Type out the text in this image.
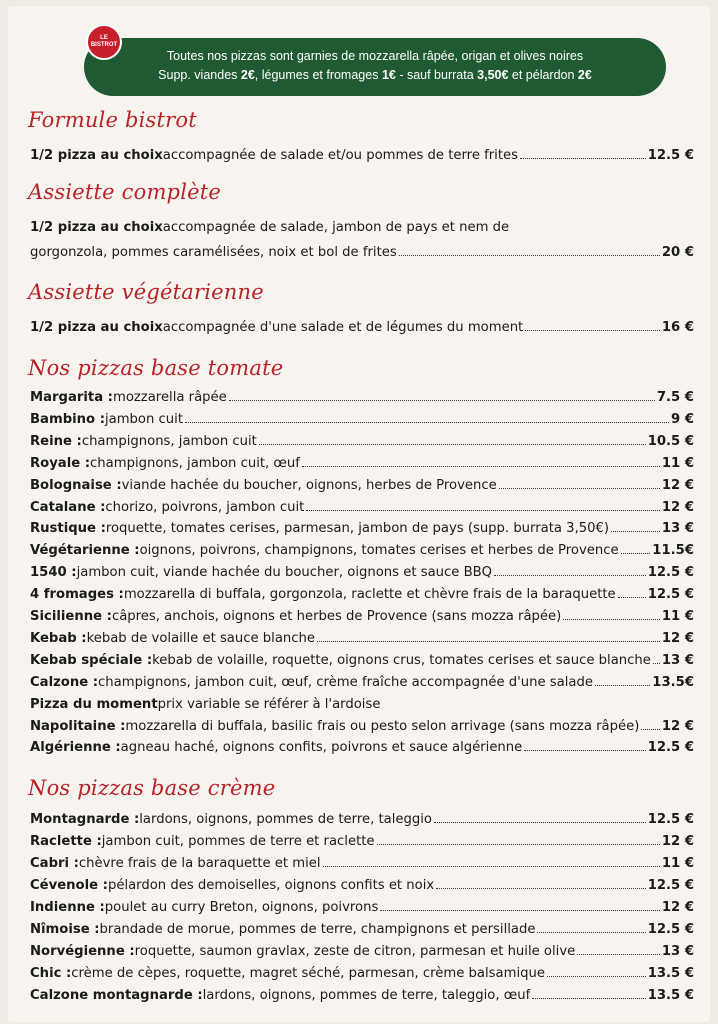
Toutes nos pizzas sont garnies de mozzarella râpée, origan et olives noires
Supp. viandes 2€, légumes et fromages 1€ - sauf burrata 3,50€ et pélardon 2€
LE BISTROT
Formule bistrot
1/2 pizza au choix accompagnée de salade et/ou pommes de terre frites	12.5 €
Assiette complète
1/2 pizza au choix accompagnée de salade, jambon de pays et nem de
gorgonzola, pommes caramélisées, noix et bol de frites	20 €
Assiette végétarienne
1/2 pizza au choix accompagnée d'une salade et de légumes du moment	16 €
Nos pizzas base tomate
Margarita : mozzarella râpée	7.5 €
Bambino : jambon cuit	9 €
Reine : champignons, jambon cuit	10.5 €
Royale : champignons, jambon cuit, œuf	11 €
Bolognaise : viande hachée du boucher, oignons, herbes de Provence	12 €
Catalane : chorizo, poivrons, jambon cuit	12 €
Rustique : roquette, tomates cerises, parmesan, jambon de pays (supp. burrata 3,50€)	13 €
Végétarienne : oignons, poivrons, champignons, tomates cerises et herbes de Provence	11.5€
1540 : jambon cuit, viande hachée du boucher, oignons et sauce BBQ	12.5 €
4 fromages : mozzarella di buffala, gorgonzola, raclette et chèvre frais de la baraquette 12.5 €
Sicilienne : câpres, anchois, oignons et herbes de Provence (sans mozza râpée)	11 €
Kebab : kebab de volaille et sauce blanche	12 €
Kebab spéciale : kebab de volaille, roquette, oignons crus, tomates cerises et sauce blanche 13 €
Calzone : champignons, jambon cuit, œuf, crème fraîche accompagnée d'une salade	13.5€
Pizza du moment prix variable se référer à l'ardoise
Napolitaine : mozzarella di buffala, basilic frais ou pesto selon arrivage (sans mozza râpée) 12 €
Algérienne : agneau haché, oignons confits, poivrons et sauce algérienne	12.5 €
Nos pizzas base crème
Montagnarde : lardons, oignons, pommes de terre, taleggio	12.5 €
Raclette : jambon cuit, pommes de terre et raclette	12 €
Cabri : chèvre frais de la baraquette et miel	11 €
Cévenole : pélardon des demoiselles, oignons confits et noix	12.5 €
Indienne : poulet au curry Breton, oignons, poivrons	12 €
Nîmoise : brandade de morue, pommes de terre, champignons et persillade	12.5 €
Norvégienne : roquette, saumon gravlax, zeste de citron, parmesan et huile olive	13 €
Chic : crème de cèpes, roquette, magret séché, parmesan, crème balsamique	13.5 €
Calzone montagnarde : lardons, oignons, pommes de terre, taleggio, œuf	13.5 €
